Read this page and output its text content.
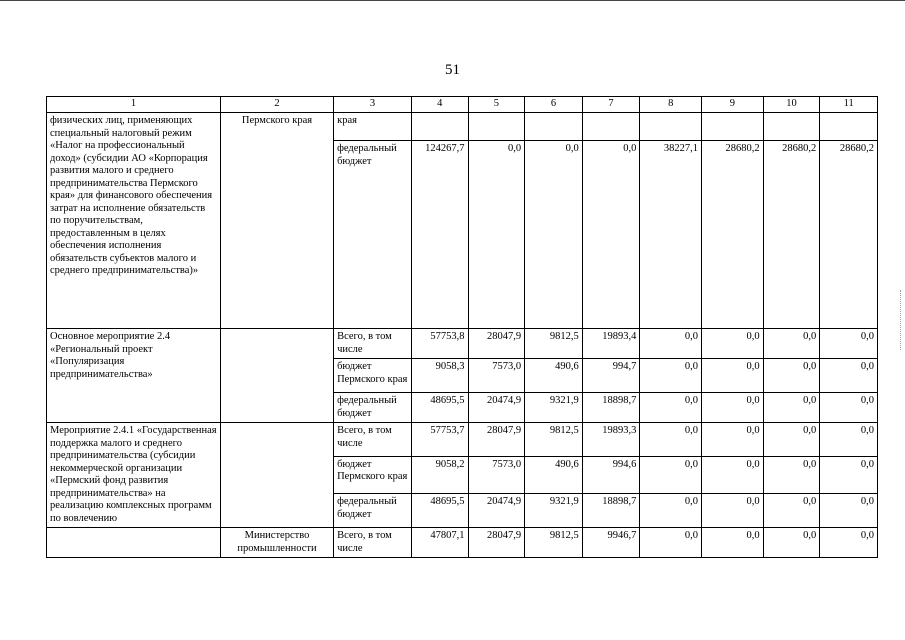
51
1	2	3	4	5	6	7	8	9	10	11
физических лиц, применяющих специальный налоговый режим «Налог на профессиональный доход» (субсидии АО «Корпорация развития малого и среднего предпринимательства Пермского края» для финансового обеспечения затрат на исполнение обязательств по поручительствам, предоставленным в целях обеспечения исполнения обязательств субъектов малого и среднего предпринимательства)»	Пермского края	края								
		федеральный бюджет	124267,7	0,0	0,0	0,0	38227,1	28680,2	28680,2	28680,2
Основное мероприятие 2.4 «Региональный проект «Популяризация предпринимательства»		Всего, в том числе	57753,8	28047,9	9812,5	19893,4	0,0	0,0	0,0	0,0
		бюджет Пермского края	9058,3	7573,0	490,6	994,7	0,0	0,0	0,0	0,0
		федеральный бюджет	48695,5	20474,9	9321,9	18898,7	0,0	0,0	0,0	0,0
Мероприятие 2.4.1 «Государственная поддержка малого и среднего предпринимательства (субсидии некоммерческой организации «Пермский фонд развития предпринимательства» на реализацию комплексных программ по вовлечению		Всего, в том числе	57753,7	28047,9	9812,5	19893,3	0,0	0,0	0,0	0,0
		бюджет Пермского края	9058,2	7573,0	490,6	994,6	0,0	0,0	0,0	0,0
		федеральный бюджет	48695,5	20474,9	9321,9	18898,7	0,0	0,0	0,0	0,0
	Министерство промышленности	Всего, в том числе	47807,1	28047,9	9812,5	9946,7	0,0	0,0	0,0	0,0
